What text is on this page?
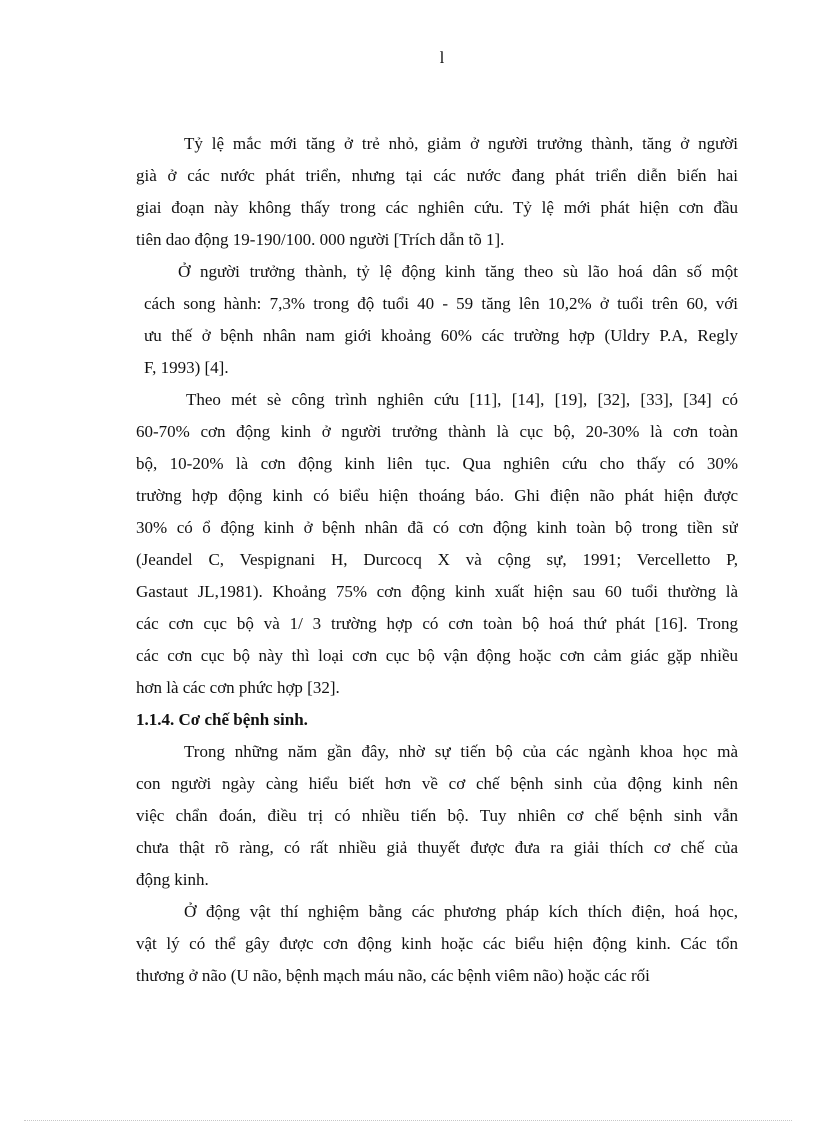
l
Tỷ lệ mắc mới tăng ở trẻ nhỏ, giảm ở người trưởng thành, tăng ở người
già ở các nước phát triển, nhưng tại các nước đang phát triển diễn biến hai
giai đoạn này không thấy trong các nghiên cứu. Tỷ lệ mới phát hiện cơn đầu
tiên dao động 19-190/100. 000 người [Trích dẫn tõ 1].
Ở người trưởng thành, tỷ lệ động kinh tăng theo sù lão hoá dân số một
cách song hành: 7,3% trong độ tuổi 40 - 59 tăng lên 10,2% ở tuổi trên 60, với
ưu thế ở bệnh nhân nam giới khoảng 60% các trường hợp (Uldry P.A, Regly
F, 1993) [4].
Theo mét sè công trình nghiên cứu [11], [14], [19], [32], [33], [34] có
60-70% cơn động kinh ở người trưởng thành là cục bộ, 20-30% là cơn toàn
bộ, 10-20% là cơn động kinh liên tục. Qua nghiên cứu cho thấy có 30%
trường hợp động kinh có biểu hiện thoáng báo. Ghi điện não phát hiện được
30% có ổ động kinh ở bệnh nhân đã có cơn động kinh toàn bộ trong tiền sử
(Jeandel C, Vespignani H, Durcocq X và cộng sự, 1991; Vercelletto P,
Gastaut JL,1981). Khoảng 75% cơn động kinh xuất hiện sau 60 tuổi thường là
các cơn cục bộ và 1/ 3 trường hợp có cơn toàn bộ hoá thứ phát [16]. Trong
các cơn cục bộ này thì loại cơn cục bộ vận động hoặc cơn cảm giác gặp nhiều
hơn là các cơn phức hợp [32].
1.1.4. Cơ chế bệnh sinh.
Trong những năm gần đây, nhờ sự tiến bộ của các ngành khoa học mà
con người ngày càng hiểu biết hơn về cơ chế bệnh sinh của động kinh nên
việc chẩn đoán, điều trị có nhiều tiến bộ. Tuy nhiên cơ chế bệnh sinh vẫn
chưa thật rõ ràng, có rất nhiều giả thuyết được đưa ra giải thích cơ chế của
động kinh.
Ở động vật thí nghiệm bằng các phương pháp kích thích điện, hoá học,
vật lý có thể gây được cơn động kinh hoặc các biểu hiện động kinh. Các tổn
thương ở não (U não, bệnh mạch máu não, các bệnh viêm não) hoặc các rối
